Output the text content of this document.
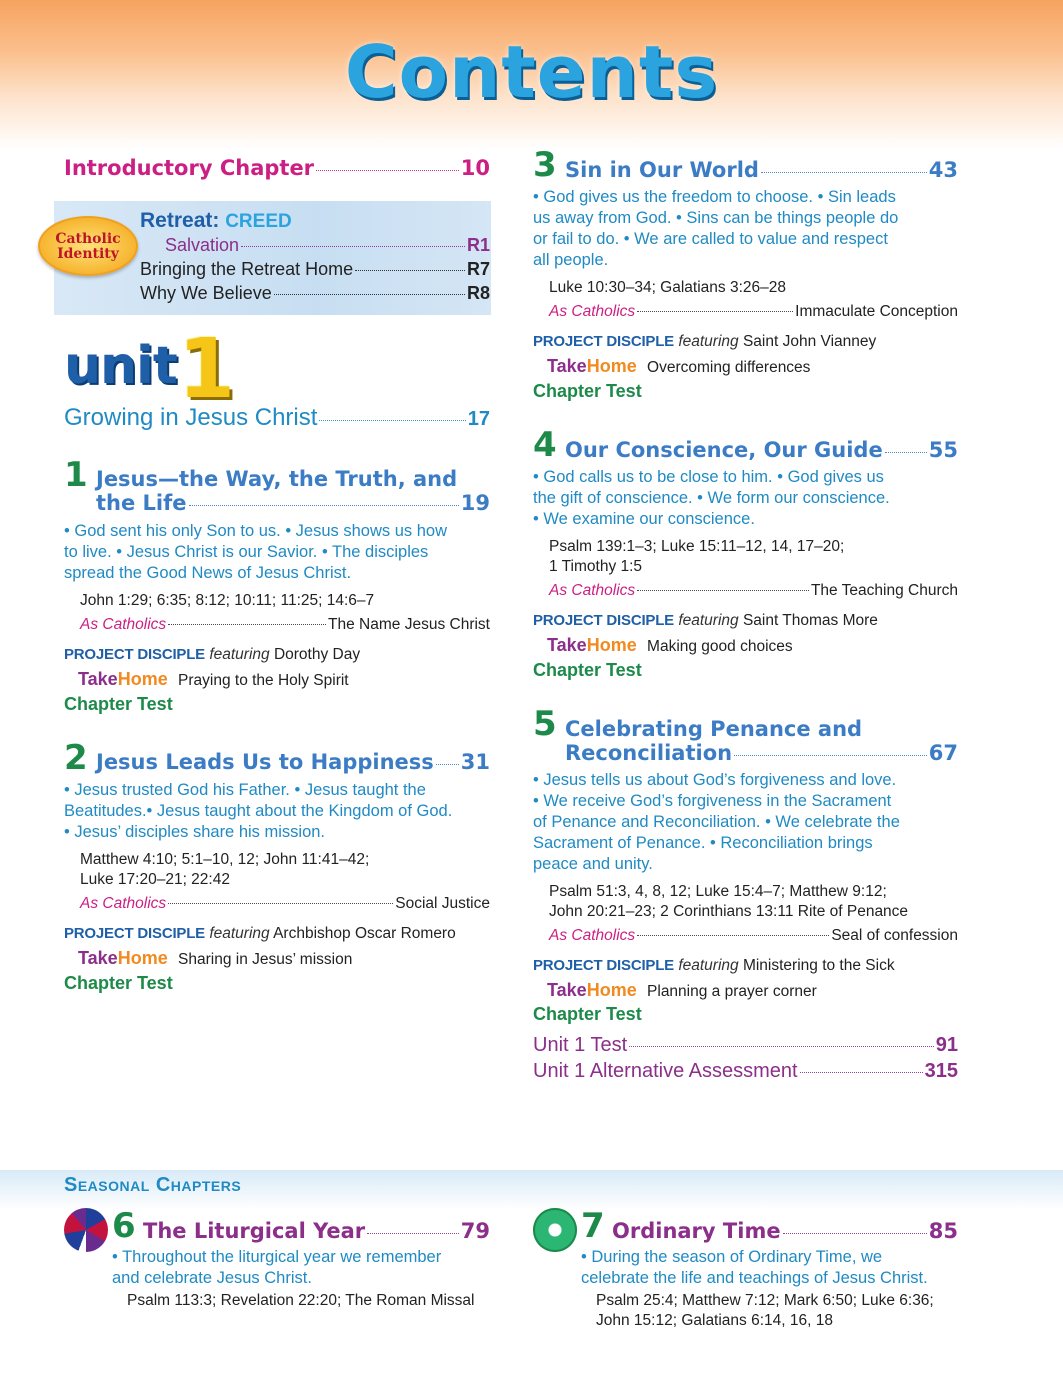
Contents
Introductory Chapter	10
Catholic
Identity
Retreat: CREED
Salvation	R1
Bringing the Retreat Home	R7
Why We Believe	R8
unit 1
Growing in Jesus Christ	17
1 Jesus—the Way, the Truth, and
the Life	19
• God sent his only Son to us. • Jesus shows us how
to live. • Jesus Christ is our Savior. • The disciples
spread the Good News of Jesus Christ.
John 1:29; 6:35; 8:12; 10:11; 11:25; 14:6–7
As Catholics	The Name Jesus Christ
PROJECT DISCIPLE featuring Dorothy Day
TakeHome Praying to the Holy Spirit
Chapter Test
2 Jesus Leads Us to Happiness 31
• Jesus trusted God his Father. • Jesus taught the
Beatitudes.• Jesus taught about the Kingdom of God.
• Jesus’ disciples share his mission.
Matthew 4:10; 5:1–10, 12; John 11:41–42;
Luke 17:20–21; 22:42
As Catholics	Social Justice
PROJECT DISCIPLE featuring Archbishop Oscar Romero
TakeHome Sharing in Jesus’ mission
Chapter Test
3 Sin in Our World	43
• God gives us the freedom to choose. • Sin leads
us away from God. • Sins can be things people do
or fail to do. • We are called to value and respect
all people.
Luke 10:30–34; Galatians 3:26–28
As Catholics	Immaculate Conception
PROJECT DISCIPLE featuring Saint John Vianney
TakeHome Overcoming differences
Chapter Test
4 Our Conscience, Our Guide 55
• God calls us to be close to him. • God gives us
the gift of conscience. • We form our conscience.
• We examine our conscience.
Psalm 139:1–3; Luke 15:11–12, 14, 17–20;
1 Timothy 1:5
As Catholics	The Teaching Church
PROJECT DISCIPLE featuring Saint Thomas More
TakeHome Making good choices
Chapter Test
5 Celebrating Penance and
Reconciliation	67
• Jesus tells us about God’s forgiveness and love.
• We receive God’s forgiveness in the Sacrament
of Penance and Reconciliation. • We celebrate the
Sacrament of Penance. • Reconciliation brings
peace and unity.
Psalm 51:3, 4, 8, 12; Luke 15:4–7; Matthew 9:12;
John 20:21–23; 2 Corinthians 13:11 Rite of Penance
As Catholics	Seal of confession
PROJECT DISCIPLE featuring Ministering to the Sick
TakeHome Planning a prayer corner
Chapter Test
Unit 1 Test	91
Unit 1 Alternative Assessment	315
Seasonal Chapters
6 The Liturgical Year	79
• Throughout the liturgical year we remember
and celebrate Jesus Christ.
Psalm 113:3; Revelation 22:20; The Roman Missal
7 Ordinary Time	85
• During the season of Ordinary Time, we
celebrate the life and teachings of Jesus Christ.
Psalm 25:4; Matthew 7:12; Mark 6:50; Luke 6:36;
John 15:12; Galatians 6:14, 16, 18
